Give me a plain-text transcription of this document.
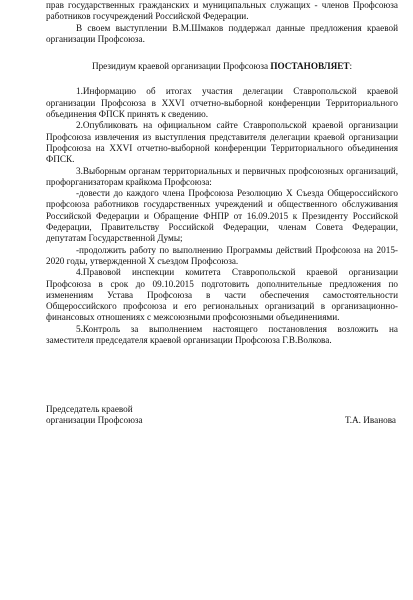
прав государственных гражданских и муниципальных служащих - членов Профсоюза работников госучреждений Российской Федерации.

В своем выступлении В.М.Шмаков поддержал данные предложения краевой организации Профсоюза.

Президиум краевой организации Профсоюза ПОСТАНОВЛЯЕТ:

1.Информацию об итогах участия делегации Ставропольской краевой организации Профсоюза в XXVI отчетно-выборной конференции Территориального объединения ФПСК принять к сведению.

2.Опубликовать на официальном сайте Ставропольской краевой организации Профсоюза извлечения из выступления представителя делегации краевой организации Профсоюза на XXVI отчетно-выборной конференции Территориального объединения ФПСК.

3.Выборным органам территориальных и первичных профсоюзных организаций, профорганизаторам крайкома Профсоюза:

-довести до каждого члена Профсоюза Резолюцию Х Съезда Общероссийского профсоюза работников государственных учреждений и общественного обслуживания Российской Федерации и Обращение ФНПР от 16.09.2015 к Президенту Российской Федерации, Правительству Российской Федерации, членам Совета Федерации, депутатам Государственной Думы;

-продолжить работу по выполнению Программы действий Профсоюза на 2015-2020 годы, утвержденной Х съездом Профсоюза.

4.Правовой инспекции комитета Ставропольской краевой организации Профсоюза в срок до 09.10.2015 подготовить дополнительные предложения по изменениям Устава Профсоюза в части обеспечения самостоятельности Общероссийского профсоюза и его региональных организаций в организационно-финансовых отношениях с межсоюзными профсоюзными объединениями.

5.Контроль за выполнением настоящего постановления возложить на заместителя председателя краевой организации Профсоюза Г.В.Волкова.

Председатель краевой
организации Профсоюза	Т.А. Иванова
